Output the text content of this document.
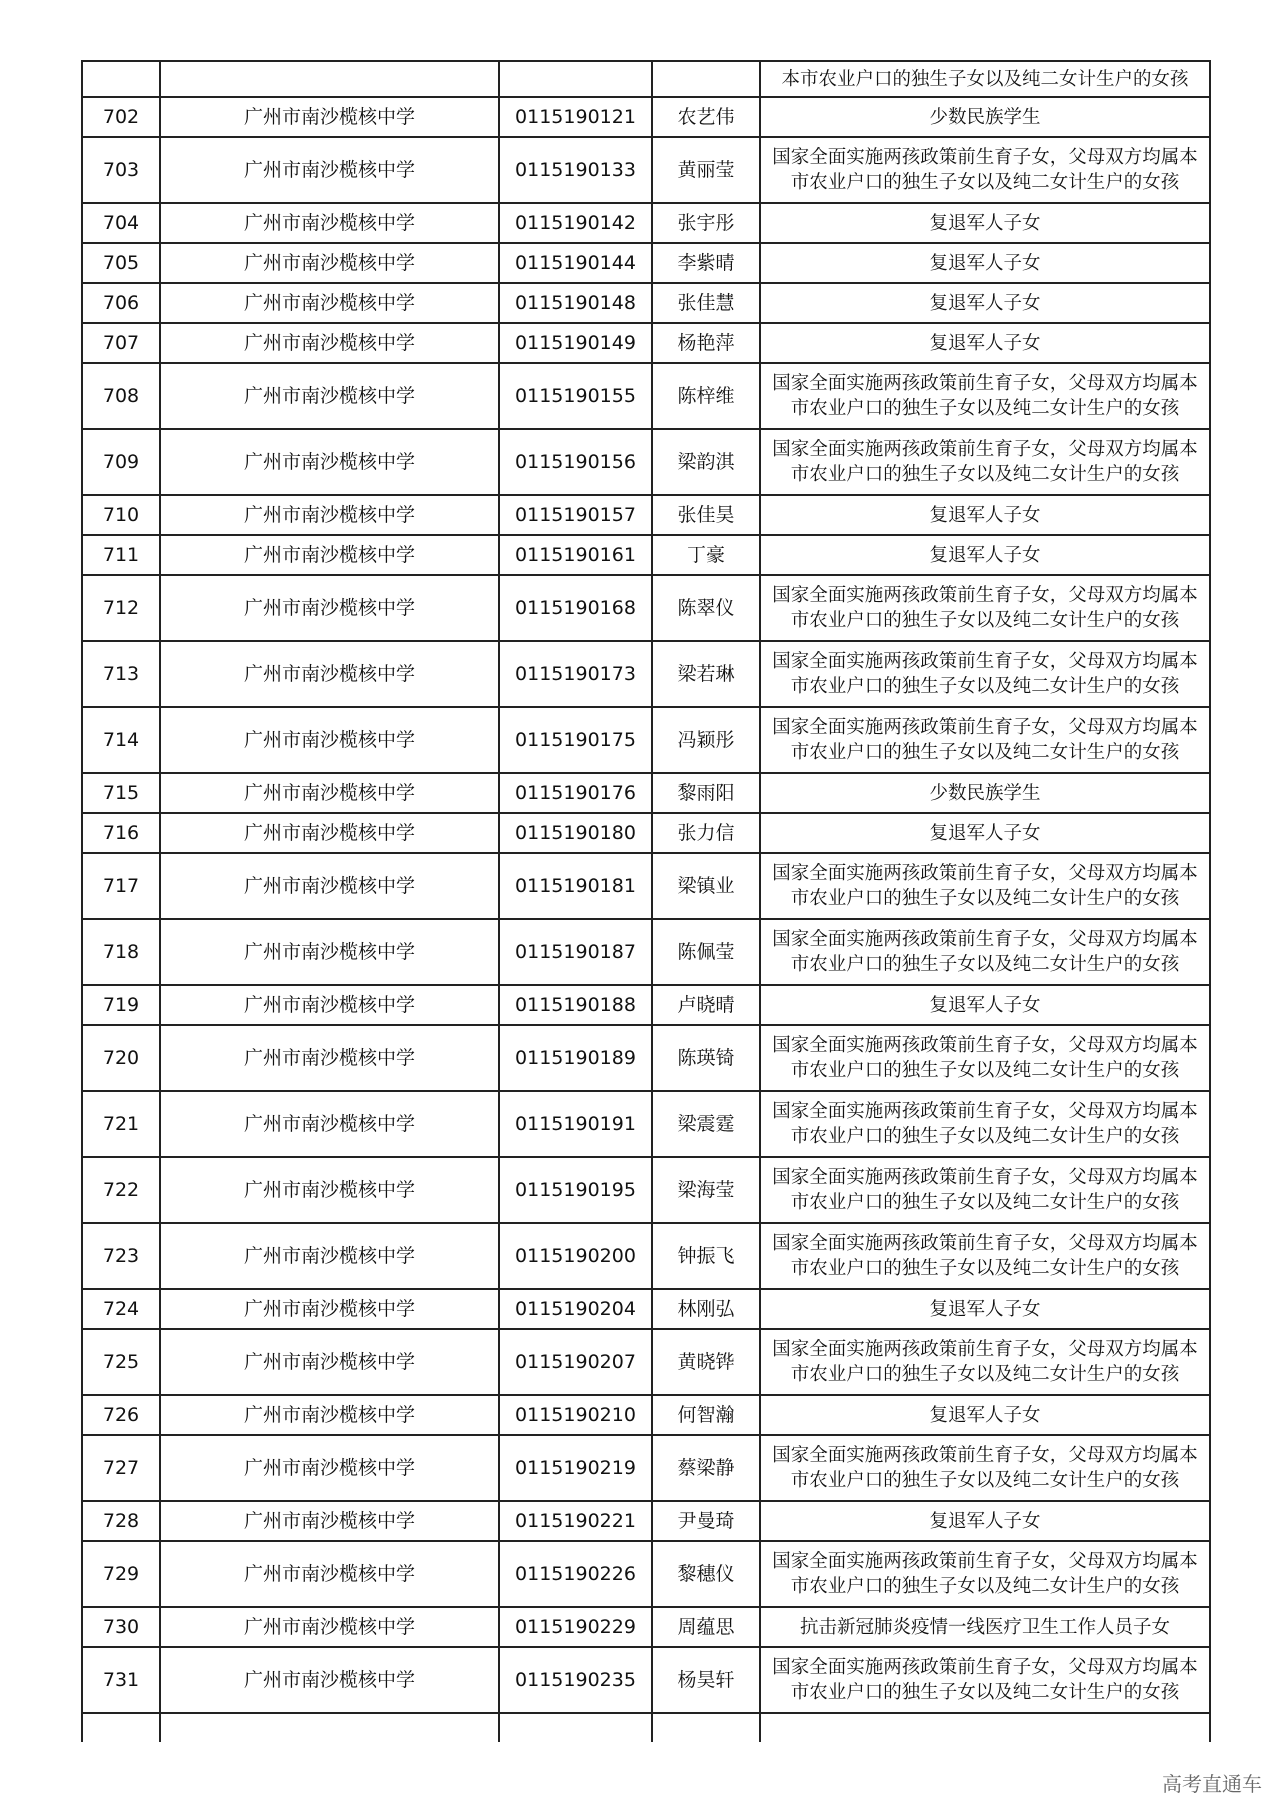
				本市农业户口的独生子女以及纯二女计生户的女孩
702	广州市南沙榄核中学	0115190121	农艺伟	少数民族学生
703	广州市南沙榄核中学	0115190133	黄丽莹	国家全面实施两孩政策前生育子女，父母双方均属本市农业户口的独生子女以及纯二女计生户的女孩
704	广州市南沙榄核中学	0115190142	张宇彤	复退军人子女
705	广州市南沙榄核中学	0115190144	李紫晴	复退军人子女
706	广州市南沙榄核中学	0115190148	张佳慧	复退军人子女
707	广州市南沙榄核中学	0115190149	杨艳萍	复退军人子女
708	广州市南沙榄核中学	0115190155	陈梓维	国家全面实施两孩政策前生育子女，父母双方均属本市农业户口的独生子女以及纯二女计生户的女孩
709	广州市南沙榄核中学	0115190156	梁韵淇	国家全面实施两孩政策前生育子女，父母双方均属本市农业户口的独生子女以及纯二女计生户的女孩
710	广州市南沙榄核中学	0115190157	张佳昊	复退军人子女
711	广州市南沙榄核中学	0115190161	丁豪	复退军人子女
712	广州市南沙榄核中学	0115190168	陈翠仪	国家全面实施两孩政策前生育子女，父母双方均属本市农业户口的独生子女以及纯二女计生户的女孩
713	广州市南沙榄核中学	0115190173	梁若琳	国家全面实施两孩政策前生育子女，父母双方均属本市农业户口的独生子女以及纯二女计生户的女孩
714	广州市南沙榄核中学	0115190175	冯颖彤	国家全面实施两孩政策前生育子女，父母双方均属本市农业户口的独生子女以及纯二女计生户的女孩
715	广州市南沙榄核中学	0115190176	黎雨阳	少数民族学生
716	广州市南沙榄核中学	0115190180	张力信	复退军人子女
717	广州市南沙榄核中学	0115190181	梁镇业	国家全面实施两孩政策前生育子女，父母双方均属本市农业户口的独生子女以及纯二女计生户的女孩
718	广州市南沙榄核中学	0115190187	陈佩莹	国家全面实施两孩政策前生育子女，父母双方均属本市农业户口的独生子女以及纯二女计生户的女孩
719	广州市南沙榄核中学	0115190188	卢晓晴	复退军人子女
720	广州市南沙榄核中学	0115190189	陈瑛锜	国家全面实施两孩政策前生育子女，父母双方均属本市农业户口的独生子女以及纯二女计生户的女孩
721	广州市南沙榄核中学	0115190191	梁震霆	国家全面实施两孩政策前生育子女，父母双方均属本市农业户口的独生子女以及纯二女计生户的女孩
722	广州市南沙榄核中学	0115190195	梁海莹	国家全面实施两孩政策前生育子女，父母双方均属本市农业户口的独生子女以及纯二女计生户的女孩
723	广州市南沙榄核中学	0115190200	钟振飞	国家全面实施两孩政策前生育子女，父母双方均属本市农业户口的独生子女以及纯二女计生户的女孩
724	广州市南沙榄核中学	0115190204	林刚弘	复退军人子女
725	广州市南沙榄核中学	0115190207	黄晓铧	国家全面实施两孩政策前生育子女，父母双方均属本市农业户口的独生子女以及纯二女计生户的女孩
726	广州市南沙榄核中学	0115190210	何智瀚	复退军人子女
727	广州市南沙榄核中学	0115190219	蔡梁静	国家全面实施两孩政策前生育子女，父母双方均属本市农业户口的独生子女以及纯二女计生户的女孩
728	广州市南沙榄核中学	0115190221	尹曼琦	复退军人子女
729	广州市南沙榄核中学	0115190226	黎穗仪	国家全面实施两孩政策前生育子女，父母双方均属本市农业户口的独生子女以及纯二女计生户的女孩
730	广州市南沙榄核中学	0115190229	周蕴思	抗击新冠肺炎疫情一线医疗卫生工作人员子女
731	广州市南沙榄核中学	0115190235	杨昊轩	国家全面实施两孩政策前生育子女，父母双方均属本市农业户口的独生子女以及纯二女计生户的女孩

高考直通车
